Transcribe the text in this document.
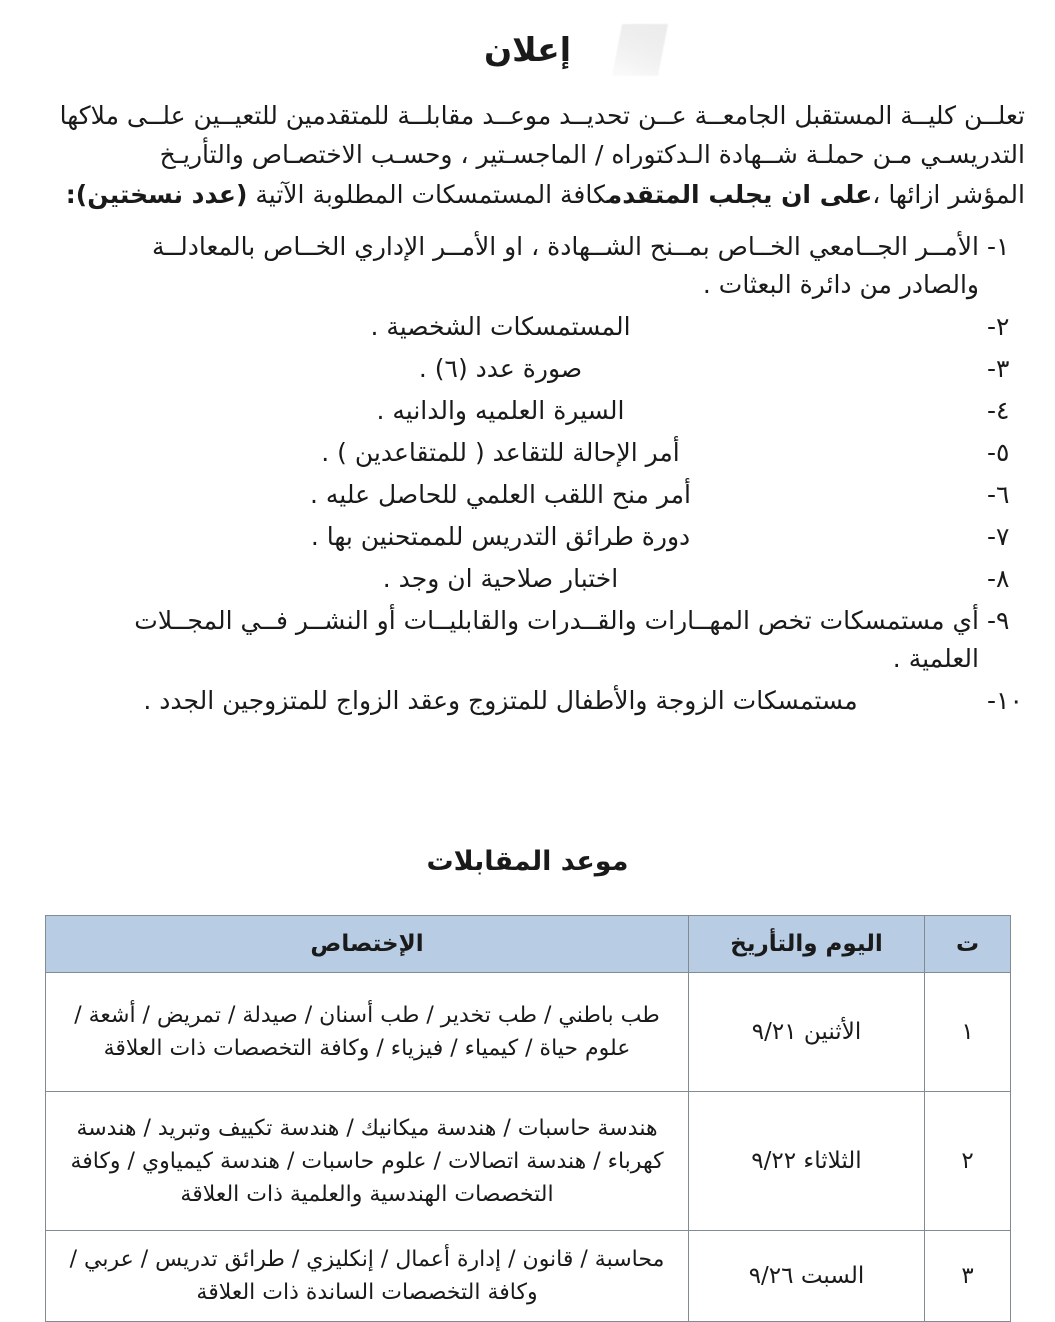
إعلان
تعلــن كليــة المستقبل الجامعــة عــن تحديــد موعــد مقابلــة للمتقدمين للتعيــين علــى ملاكها
التدريسـي مـن حملـة شــهادة الـدكتوراه / الماجسـتير ، وحسـب الاختصـاص والتأريـخ
المؤشر ازائها ،على ان يجلب المتقدمكافة المستمسكات المطلوبة الآتية (عدد نسختين):
١-
الأمــر الجــامعي الخــاص بمــنح الشــهادة ، او الأمــر الإداري الخــاص بالمعادلــة
والصادر من دائرة البعثات .
٢-
المستمسكات الشخصية .
٣-
صورة عدد (٦) .
٤-
السيرة العلميه والدانيه .
٥-
أمر الإحالة للتقاعد ( للمتقاعدين ) .
٦-
أمر منح اللقب العلمي للحاصل عليه .
٧-
دورة طرائق التدريس للممتحنين بها .
٨-
اختبار صلاحية ان وجد .
٩-
أي مستمسكات تخص المهــارات والقــدرات والقابليــات أو النشــر فــي المجــلات
العلمية .
١٠-
مستمسكات الزوجة والأطفال للمتزوج وعقد الزواج للمتزوجين الجدد .
موعد المقابلات
ت	اليوم والتأريخ	الإختصاص
١	الأثنين ٩/٢١	طب باطني / طب تخدير / طب أسنان / صيدلة / تمريض / أشعة /
علوم حياة / كيمياء / فيزياء / وكافة التخصصات ذات العلاقة

٢	الثلاثاء ٩/٢٢	هندسة حاسبات / هندسة ميكانيك / هندسة تكييف وتبريد / هندسة
كهرباء / هندسة اتصالات / علوم حاسبات / هندسة كيمياوي / وكافة
التخصصات الهندسية والعلمية ذات العلاقة

٣	السبت ٩/٢٦	محاسبة / قانون / إدارة أعمال / إنكليزي / طرائق تدريس / عربي /
وكافة التخصصات الساندة ذات العلاقة
